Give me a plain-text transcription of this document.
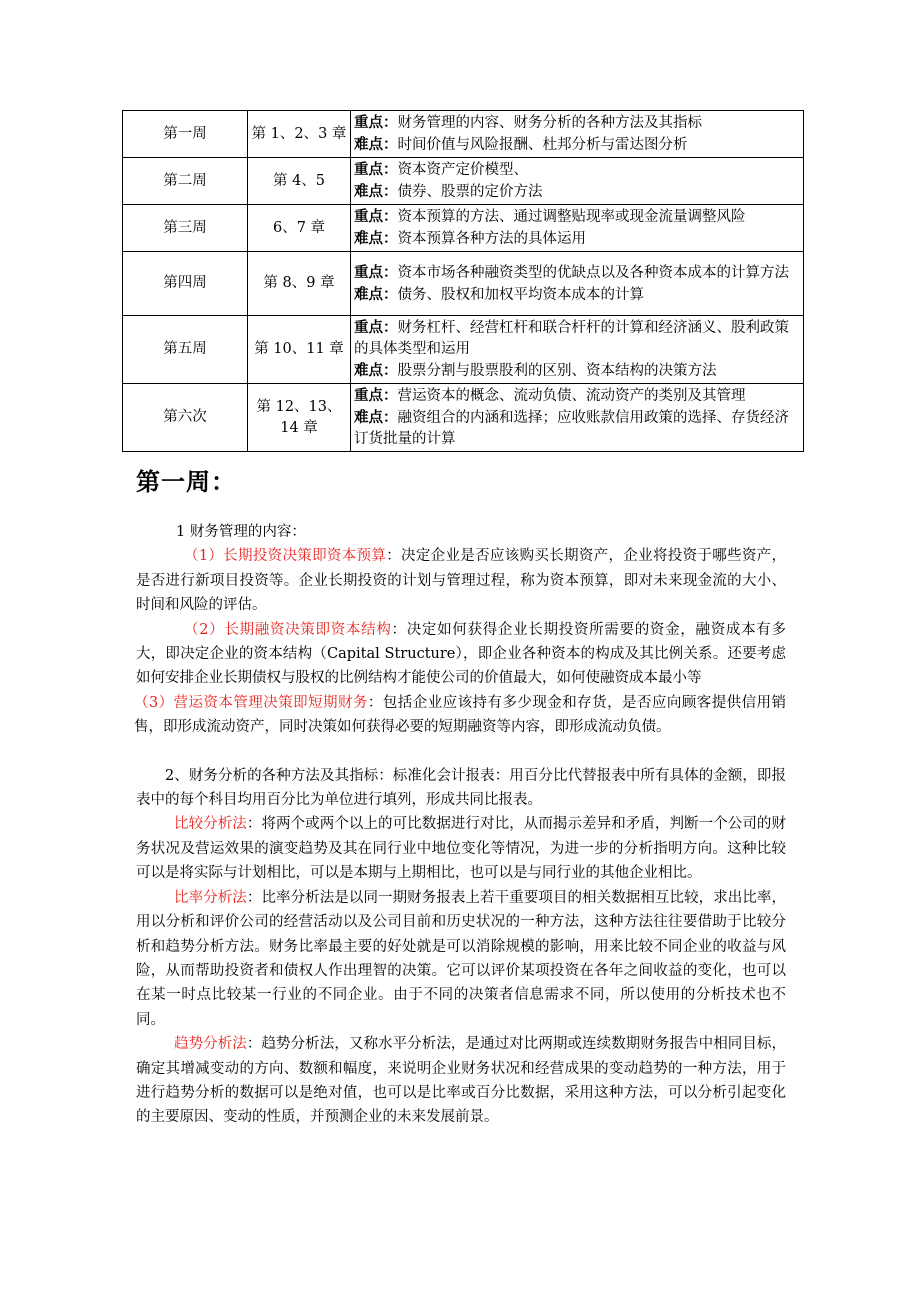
第一周	第 1、2、3 章	重点：财务管理的内容、财务分析的各种方法及其指标
难点：时间价值与风险报酬、杜邦分析与雷达图分析

第二周	第 4、5	重点：资本资产定价模型、
难点：债券、股票的定价方法

第三周	6、7 章	重点：资本预算的方法、通过调整贴现率或现金流量调整风险
难点：资本预算各种方法的具体运用

第四周	第 8、9 章	重点：资本市场各种融资类型的优缺点以及各种资本成本的计算方法
难点：债务、股权和加权平均资本成本的计算

第五周	第 10、11 章	重点：财务杠杆、经营杠杆和联合杆杆的计算和经济涵义、股利政策的具体类型和运用
难点：股票分割与股票股利的区别、资本结构的决策方法

第六次	第 12、13、14 章	重点：营运资本的概念、流动负债、流动资产的类别及其管理
难点：融资组合的内涵和选择；应收账款信用政策的选择、存货经济订货批量的计算
第一周：

1 财务管理的内容：

（1）长期投资决策即资本预算：决定企业是否应该购买长期资产，企业将投资于哪些资产，是否进行新项目投资等。企业长期投资的计划与管理过程，称为资本预算，即对未来现金流的大小、时间和风险的评估。

（2）长期融资决策即资本结构：决定如何获得企业长期投资所需要的资金，融资成本有多大，即决定企业的资本结构（Capital Structure），即企业各种资本的构成及其比例关系。还要考虑如何安排企业长期债权与股权的比例结构才能使公司的价值最大，如何使融资成本最小等

（3）营运资本管理决策即短期财务：包括企业应该持有多少现金和存货，是否应向顾客提供信用销售，即形成流动资产，同时决策如何获得必要的短期融资等内容，即形成流动负债。

2、财务分析的各种方法及其指标：标准化会计报表：用百分比代替报表中所有具体的金额，即报表中的每个科目均用百分比为单位进行填列，形成共同比报表。

比较分析法：将两个或两个以上的可比数据进行对比，从而揭示差异和矛盾，判断一个公司的财务状况及营运效果的演变趋势及其在同行业中地位变化等情况，为进一步的分析指明方向。这种比较可以是将实际与计划相比，可以是本期与上期相比，也可以是与同行业的其他企业相比。

比率分析法：比率分析法是以同一期财务报表上若干重要项目的相关数据相互比较，求出比率，用以分析和评价公司的经营活动以及公司目前和历史状况的一种方法，这种方法往往要借助于比较分析和趋势分析方法。财务比率最主要的好处就是可以消除规模的影响，用来比较不同企业的收益与风险，从而帮助投资者和债权人作出理智的决策。它可以评价某项投资在各年之间收益的变化，也可以在某一时点比较某一行业的不同企业。由于不同的决策者信息需求不同，所以使用的分析技术也不同。

趋势分析法：趋势分析法，又称水平分析法，是通过对比两期或连续数期财务报告中相同目标，确定其增减变动的方向、数额和幅度，来说明企业财务状况和经营成果的变动趋势的一种方法，用于进行趋势分析的数据可以是绝对值，也可以是比率或百分比数据，采用这种方法，可以分析引起变化的主要原因、变动的性质，并预测企业的未来发展前景。
